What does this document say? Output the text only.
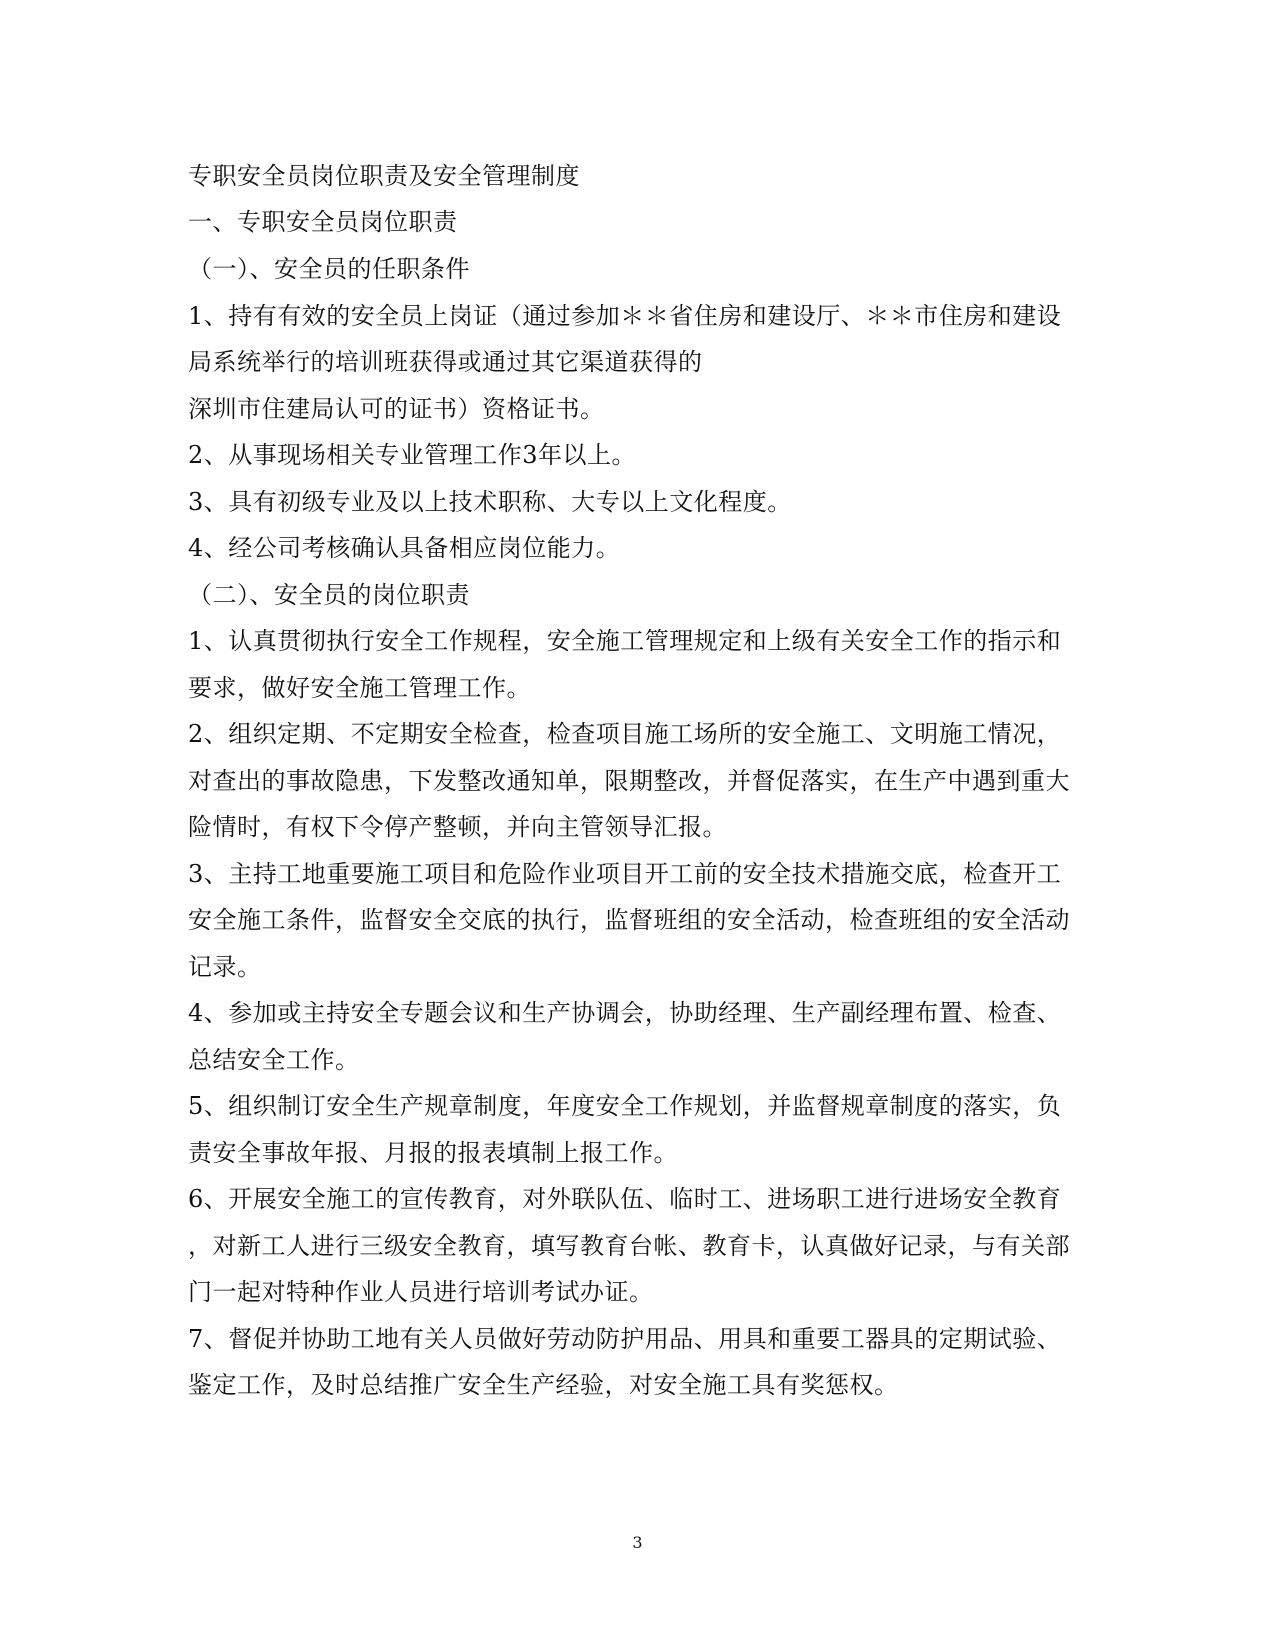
专职安全员岗位职责及安全管理制度
一、专职安全员岗位职责
（一）、安全员的任职条件
1、持有有效的安全员上岗证（通过参加＊＊省住房和建设厅、＊＊市住房和建设
局系统举行的培训班获得或通过其它渠道获得的
深圳市住建局认可的证书）资格证书。
2、从事现场相关专业管理工作3年以上。
3、具有初级专业及以上技术职称、大专以上文化程度。
4、经公司考核确认具备相应岗位能力。
（二）、安全员的岗位职责
1、认真贯彻执行安全工作规程，安全施工管理规定和上级有关安全工作的指示和
要求，做好安全施工管理工作。
2、组织定期、不定期安全检查，检查项目施工场所的安全施工、文明施工情况，
对查出的事故隐患，下发整改通知单，限期整改，并督促落实，在生产中遇到重大
险情时，有权下令停产整顿，并向主管领导汇报。
3、主持工地重要施工项目和危险作业项目开工前的安全技术措施交底，检查开工
安全施工条件，监督安全交底的执行，监督班组的安全活动，检查班组的安全活动
记录。
4、参加或主持安全专题会议和生产协调会，协助经理、生产副经理布置、检查、
总结安全工作。
5、组织制订安全生产规章制度，年度安全工作规划，并监督规章制度的落实，负
责安全事故年报、月报的报表填制上报工作。
6、开展安全施工的宣传教育，对外联队伍、临时工、进场职工进行进场安全教育
，对新工人进行三级安全教育，填写教育台帐、教育卡，认真做好记录，与有关部
门一起对特种作业人员进行培训考试办证。
7、督促并协助工地有关人员做好劳动防护用品、用具和重要工器具的定期试验、
鉴定工作，及时总结推广安全生产经验，对安全施工具有奖惩权。
3
